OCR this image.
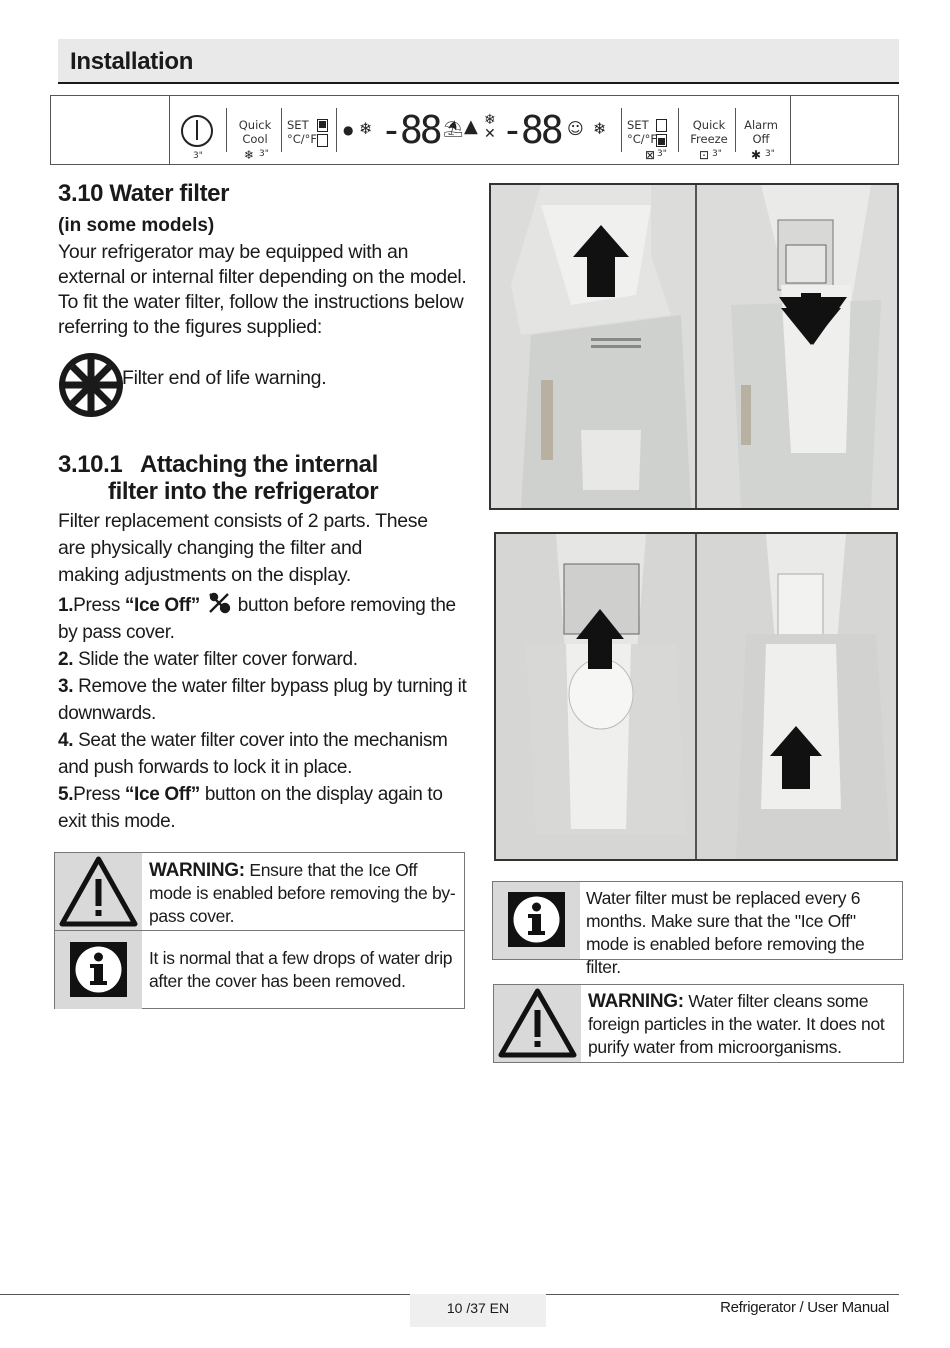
Installation
3"
Quick
Cool
❄ 3"
SET
°C/°F
● ❄ -88 ⛱ ▲ ❄
✕ -88 ☺ ❄ SET
°C/°F
⊠ 3"
Quick
Freeze
⊡ 3"
Alarm
Off
✱ 3"
3.10 Water filter
(in some models)
Your refrigerator may be equipped with an external or internal filter depending on the model. To fit the water filter, follow the instructions below referring to the figures supplied:
Filter end of life warning.
3.10.1 Attaching the internal
filter into the refrigerator
Filter replacement consists of 2 parts. These are physically changing the filter and making adjustments on the display.

1.Press “Ice Off”  button before removing the by pass cover.

2. Slide the water filter cover forward.

3. Remove the water filter bypass plug by turning it downwards.

4. Seat the water filter cover into the mechanism and push forwards to lock it in place.

5.Press “Ice Off” button on the display again to exit this mode.

WARNING: Ensure that the Ice Off mode is enabled before removing the by-pass cover.
It is normal that a few drops of water drip after the cover has been removed.
Water filter must be replaced every 6 months. Make sure that the "Ice Off" mode is enabled before removing the filter.
WARNING: Water filter cleans some foreign particles in the water. It does not purify water from microorganisms.
10 /37 EN	Refrigerator / User Manual
